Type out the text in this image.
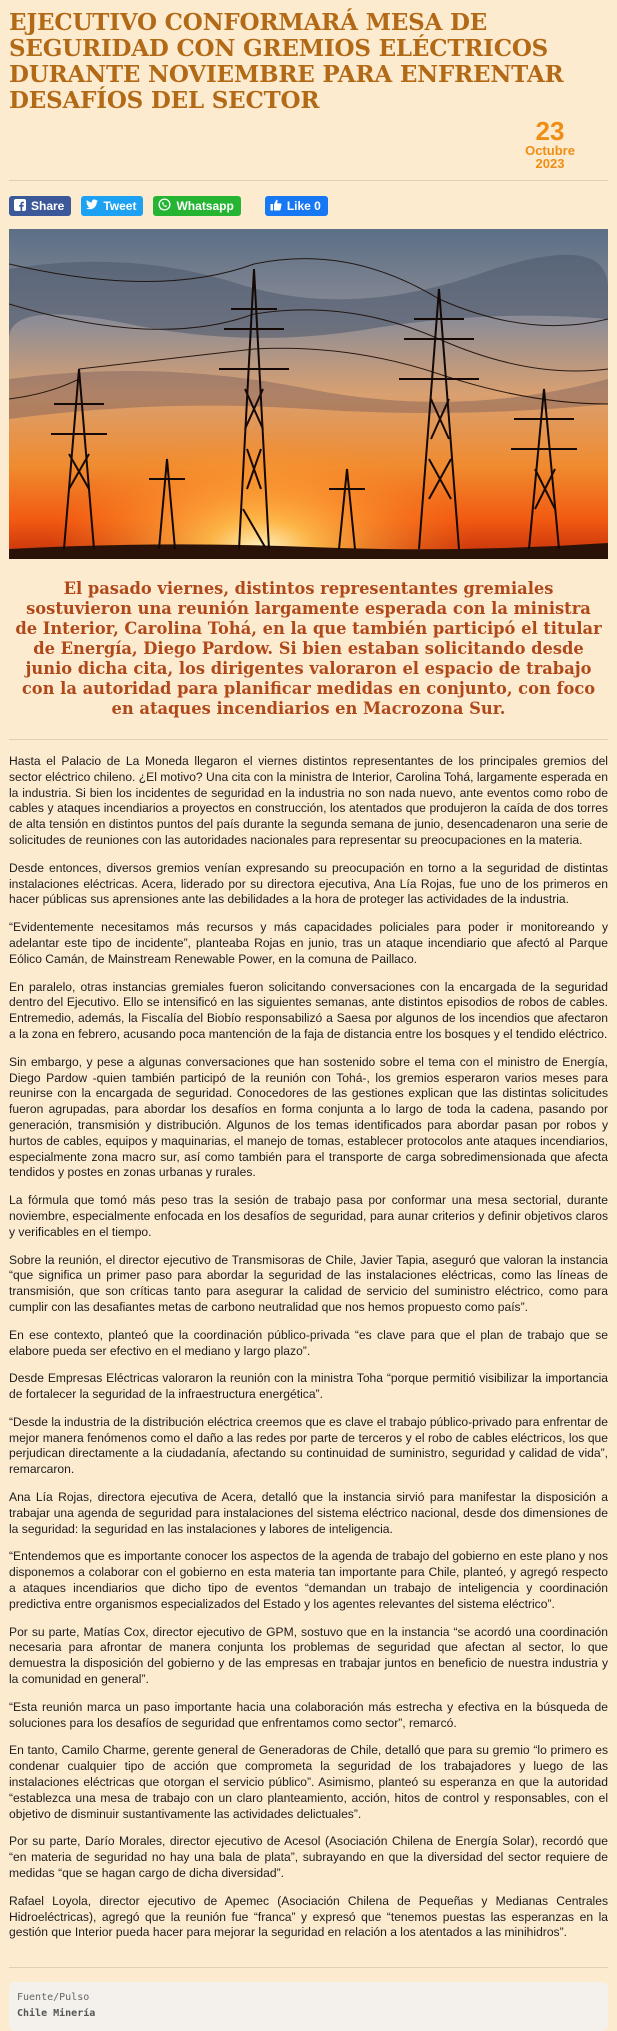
EJECUTIVO CONFORMARÁ MESA DE SEGURIDAD CON GREMIOS ELÉCTRICOS DURANTE NOVIEMBRE PARA ENFRENTAR DESAFÍOS DEL SECTOR
23
Octubre
2023
Share	Tweet	Whatsapp	Like 0

El pasado viernes, distintos representantes gremiales sostuvieron una reunión largamente esperada con la ministra de Interior, Carolina Tohá, en la que también participó el titular de Energía, Diego Pardow. Si bien estaban solicitando desde junio dicha cita, los dirigentes valoraron el espacio de trabajo con la autoridad para planificar medidas en conjunto, con foco en ataques incendiarios en Macrozona Sur.

Hasta el Palacio de La Moneda llegaron el viernes distintos representantes de los principales gremios del sector eléctrico chileno. ¿El motivo? Una cita con la ministra de Interior, Carolina Tohá, largamente esperada en la industria. Si bien los incidentes de seguridad en la industria no son nada nuevo, ante eventos como robo de cables y ataques incendiarios a proyectos en construcción, los atentados que produjeron la caída de dos torres de alta tensión en distintos puntos del país durante la segunda semana de junio, desencadenaron una serie de solicitudes de reuniones con las autoridades nacionales para representar su preocupaciones en la materia.

Desde entonces, diversos gremios venían expresando su preocupación en torno a la seguridad de distintas instalaciones eléctricas. Acera, liderado por su directora ejecutiva, Ana Lía Rojas, fue uno de los primeros en hacer públicas sus aprensiones ante las debilidades a la hora de proteger las actividades de la industria.

“Evidentemente necesitamos más recursos y más capacidades policiales para poder ir monitoreando y adelantar este tipo de incidente”, planteaba Rojas en junio, tras un ataque incendiario que afectó al Parque Eólico Camán, de Mainstream Renewable Power, en la comuna de Paillaco.

En paralelo, otras instancias gremiales fueron solicitando conversaciones con la encargada de la seguridad dentro del Ejecutivo. Ello se intensificó en las siguientes semanas, ante distintos episodios de robos de cables. Entremedio, además, la Fiscalía del Biobío responsabilizó a Saesa por algunos de los incendios que afectaron a la zona en febrero, acusando poca mantención de la faja de distancia entre los bosques y el tendido eléctrico.

Sin embargo, y pese a algunas conversaciones que han sostenido sobre el tema con el ministro de Energía, Diego Pardow -quien también participó de la reunión con Tohá-, los gremios esperaron varios meses para reunirse con la encargada de seguridad. Conocedores de las gestiones explican que las distintas solicitudes fueron agrupadas, para abordar los desafíos en forma conjunta a lo largo de toda la cadena, pasando por generación, transmisión y distribución. Algunos de los temas identificados para abordar pasan por robos y hurtos de cables, equipos y maquinarias, el manejo de tomas, establecer protocolos ante ataques incendiarios, especialmente zona macro sur, así como también para el transporte de carga sobredimensionada que afecta tendidos y postes en zonas urbanas y rurales.

La fórmula que tomó más peso tras la sesión de trabajo pasa por conformar una mesa sectorial, durante noviembre, especialmente enfocada en los desafíos de seguridad, para aunar criterios y definir objetivos claros y verificables en el tiempo.

Sobre la reunión, el director ejecutivo de Transmisoras de Chile, Javier Tapia, aseguró que valoran la instancia “que significa un primer paso para abordar la seguridad de las instalaciones eléctricas, como las líneas de transmisión, que son críticas tanto para asegurar la calidad de servicio del suministro eléctrico, como para cumplir con las desafiantes metas de carbono neutralidad que nos hemos propuesto como país”.

En ese contexto, planteó que la coordinación público-privada “es clave para que el plan de trabajo que se elabore pueda ser efectivo en el mediano y largo plazo”.

Desde Empresas Eléctricas valoraron la reunión con la ministra Toha “porque permitió visibilizar la importancia de fortalecer la seguridad de la infraestructura energética”.

“Desde la industria de la distribución eléctrica creemos que es clave el trabajo público-privado para enfrentar de mejor manera fenómenos como el daño a las redes por parte de terceros y el robo de cables eléctricos, los que perjudican directamente a la ciudadanía, afectando su continuidad de suministro, seguridad y calidad de vida”, remarcaron.

Ana Lía Rojas, directora ejecutiva de Acera, detalló que la instancia sirvió para manifestar la disposición a trabajar una agenda de seguridad para instalaciones del sistema eléctrico nacional, desde dos dimensiones de la seguridad: la seguridad en las instalaciones y labores de inteligencia.

“Entendemos que es importante conocer los aspectos de la agenda de trabajo del gobierno en este plano y nos disponemos a colaborar con el gobierno en esta materia tan importante para Chile, planteó, y agregó respecto a ataques incendiarios que dicho tipo de eventos “demandan un trabajo de inteligencia y coordinación predictiva entre organismos especializados del Estado y los agentes relevantes del sistema eléctrico”.

Por su parte, Matías Cox, director ejecutivo de GPM, sostuvo que en la instancia “se acordó una coordinación necesaria para afrontar de manera conjunta los problemas de seguridad que afectan al sector, lo que demuestra la disposición del gobierno y de las empresas en trabajar juntos en beneficio de nuestra industria y la comunidad en general”.

“Esta reunión marca un paso importante hacia una colaboración más estrecha y efectiva en la búsqueda de soluciones para los desafíos de seguridad que enfrentamos como sector”, remarcó.

En tanto, Camilo Charme, gerente general de Generadoras de Chile, detalló que para su gremio “lo primero es condenar cualquier tipo de acción que comprometa la seguridad de los trabajadores y luego de las instalaciones eléctricas que otorgan el servicio público”. Asimismo, planteó su esperanza en que la autoridad “establezca una mesa de trabajo con un claro planteamiento, acción, hitos de control y responsables, con el objetivo de disminuir sustantivamente las actividades delictuales”.

Por su parte, Darío Morales, director ejecutivo de Acesol (Asociación Chilena de Energía Solar), recordó que “en materia de seguridad no hay una bala de plata”, subrayando en que la diversidad del sector requiere de medidas “que se hagan cargo de dicha diversidad”.

Rafael Loyola, director ejecutivo de Apemec (Asociación Chilena de Pequeñas y Medianas Centrales Hidroeléctricas), agregó que la reunión fue “franca” y expresó que “tenemos puestas las esperanzas en la gestión que Interior pueda hacer para mejorar la seguridad en relación a los atentados a las minihidros”.

Fuente/Pulso
Chile Minería
